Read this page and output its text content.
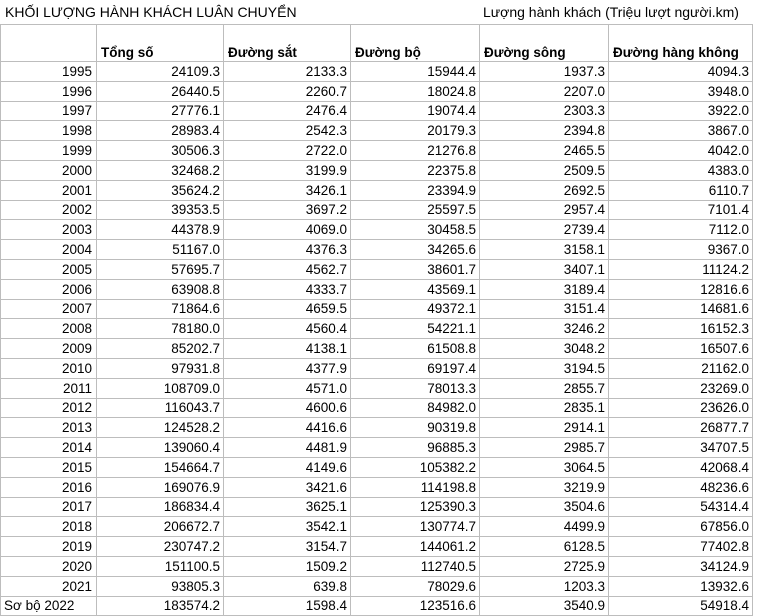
KHỐI LƯỢNG HÀNH KHÁCH LUÂN CHUYỂN	Lượng hành khách (Triệu lượt người.km)
	Tổng số	Đường sắt	Đường bộ	Đường sông	Đường hàng không
1995	24109.3	2133.3	15944.4	1937.3	4094.3
1996	26440.5	2260.7	18024.8	2207.0	3948.0
1997	27776.1	2476.4	19074.4	2303.3	3922.0
1998	28983.4	2542.3	20179.3	2394.8	3867.0
1999	30506.3	2722.0	21276.8	2465.5	4042.0
2000	32468.2	3199.9	22375.8	2509.5	4383.0
2001	35624.2	3426.1	23394.9	2692.5	6110.7
2002	39353.5	3697.2	25597.5	2957.4	7101.4
2003	44378.9	4069.0	30458.5	2739.4	7112.0
2004	51167.0	4376.3	34265.6	3158.1	9367.0
2005	57695.7	4562.7	38601.7	3407.1	11124.2
2006	63908.8	4333.7	43569.1	3189.4	12816.6
2007	71864.6	4659.5	49372.1	3151.4	14681.6
2008	78180.0	4560.4	54221.1	3246.2	16152.3
2009	85202.7	4138.1	61508.8	3048.2	16507.6
2010	97931.8	4377.9	69197.4	3194.5	21162.0
2011	108709.0	4571.0	78013.3	2855.7	23269.0
2012	116043.7	4600.6	84982.0	2835.1	23626.0
2013	124528.2	4416.6	90319.8	2914.1	26877.7
2014	139060.4	4481.9	96885.3	2985.7	34707.5
2015	154664.7	4149.6	105382.2	3064.5	42068.4
2016	169076.9	3421.6	114198.8	3219.9	48236.6
2017	186834.4	3625.1	125390.3	3504.6	54314.4
2018	206672.7	3542.1	130774.7	4499.9	67856.0
2019	230747.2	3154.7	144061.2	6128.5	77402.8
2020	151100.5	1509.2	112740.5	2725.9	34124.9
2021	93805.3	639.8	78029.6	1203.3	13932.6
Sơ bộ 2022	183574.2	1598.4	123516.6	3540.9	54918.4
